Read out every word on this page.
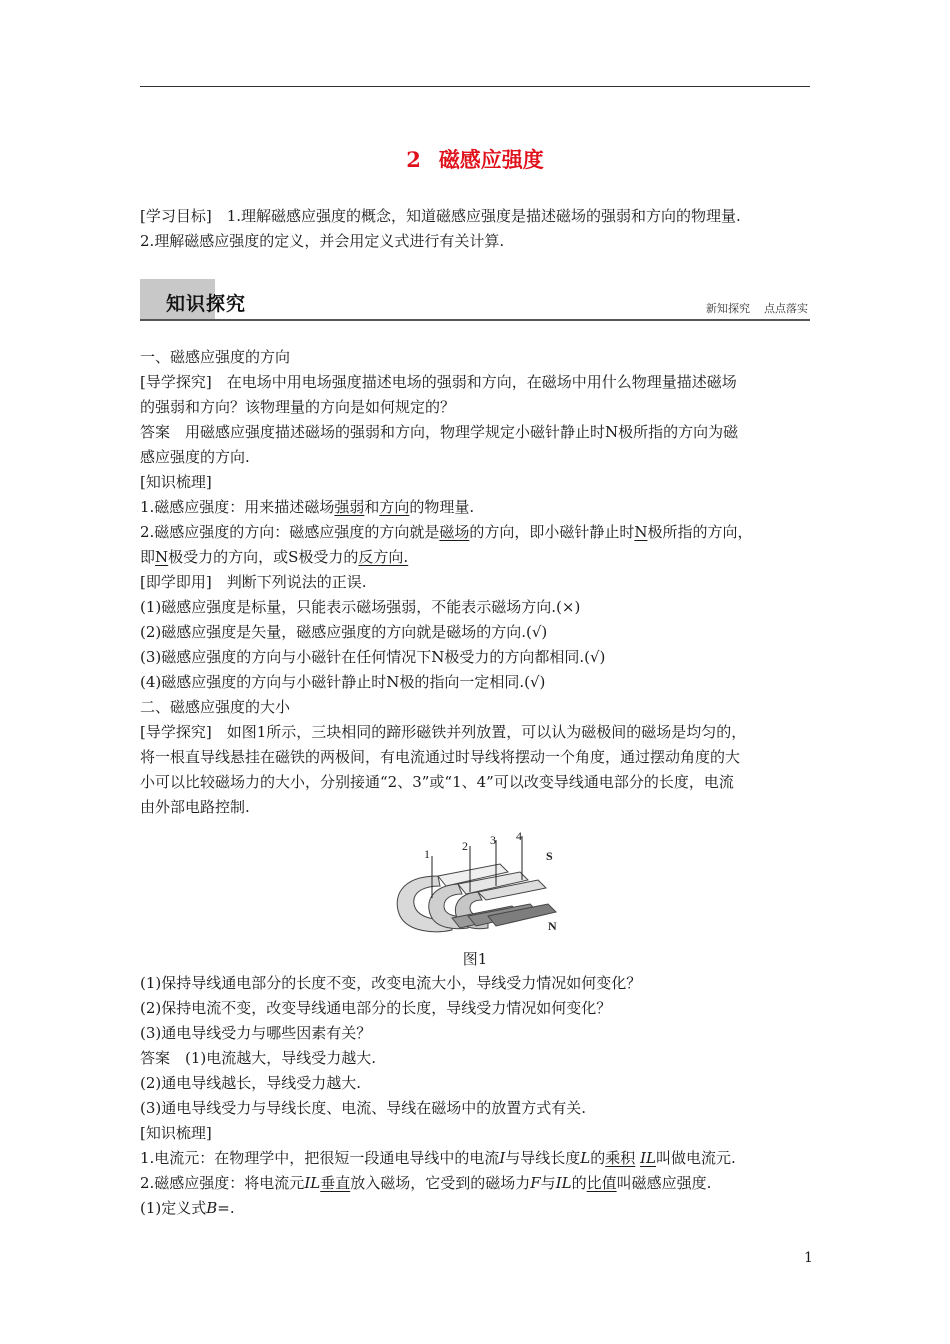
2 磁感应强度
[学习目标]　1.理解磁感应强度的概念，知道磁感应强度是描述磁场的强弱和方向的物理量.
2.理解磁感应强度的定义，并会用定义式进行有关计算.
知识探究	新知探究 点点落实
一、磁感应强度的方向
[导学探究]　在电场中用电场强度描述电场的强弱和方向，在磁场中用什么物理量描述磁场
的强弱和方向？该物理量的方向是如何规定的？
答案　用磁感应强度描述磁场的强弱和方向，物理学规定小磁针静止时N极所指的方向为磁
感应强度的方向.
[知识梳理]
1.磁感应强度：用来描述磁场强弱和方向的物理量.
2.磁感应强度的方向：磁感应强度的方向就是磁场的方向，即小磁针静止时N极所指的方向，
即N极受力的方向，或S极受力的反方向.
[即学即用]　判断下列说法的正误.
(1)磁感应强度是标量，只能表示磁场强弱，不能表示磁场方向.(×)
(2)磁感应强度是矢量，磁感应强度的方向就是磁场的方向.(√)
(3)磁感应强度的方向与小磁针在任何情况下N极受力的方向都相同.(√)
(4)磁感应强度的方向与小磁针静止时N极的指向一定相同.(√)
二、磁感应强度的大小
[导学探究]　如图1所示，三块相同的蹄形磁铁并列放置，可以认为磁极间的磁场是均匀的，
将一根直导线悬挂在磁铁的两极间，有电流通过时导线将摆动一个角度，通过摆动角度的大
小可以比较磁场力的大小，分别接通“2、3”或“1、4”可以改变导线通电部分的长度，电流
由外部电路控制.
1
2 3 4
S
N
图1
(1)保持导线通电部分的长度不变，改变电流大小，导线受力情况如何变化？
(2)保持电流不变，改变导线通电部分的长度，导线受力情况如何变化？
(3)通电导线受力与哪些因素有关？
答案　(1)电流越大，导线受力越大.
(2)通电导线越长，导线受力越大.
(3)通电导线受力与导线长度、电流、导线在磁场中的放置方式有关.
[知识梳理]
1.电流元：在物理学中，把很短一段通电导线中的电流I与导线长度L的乘积 IL叫做电流元.
2.磁感应强度：将电流元IL垂直放入磁场，它受到的磁场力F与IL的比值叫磁感应强度.
(1)定义式B=.
1
